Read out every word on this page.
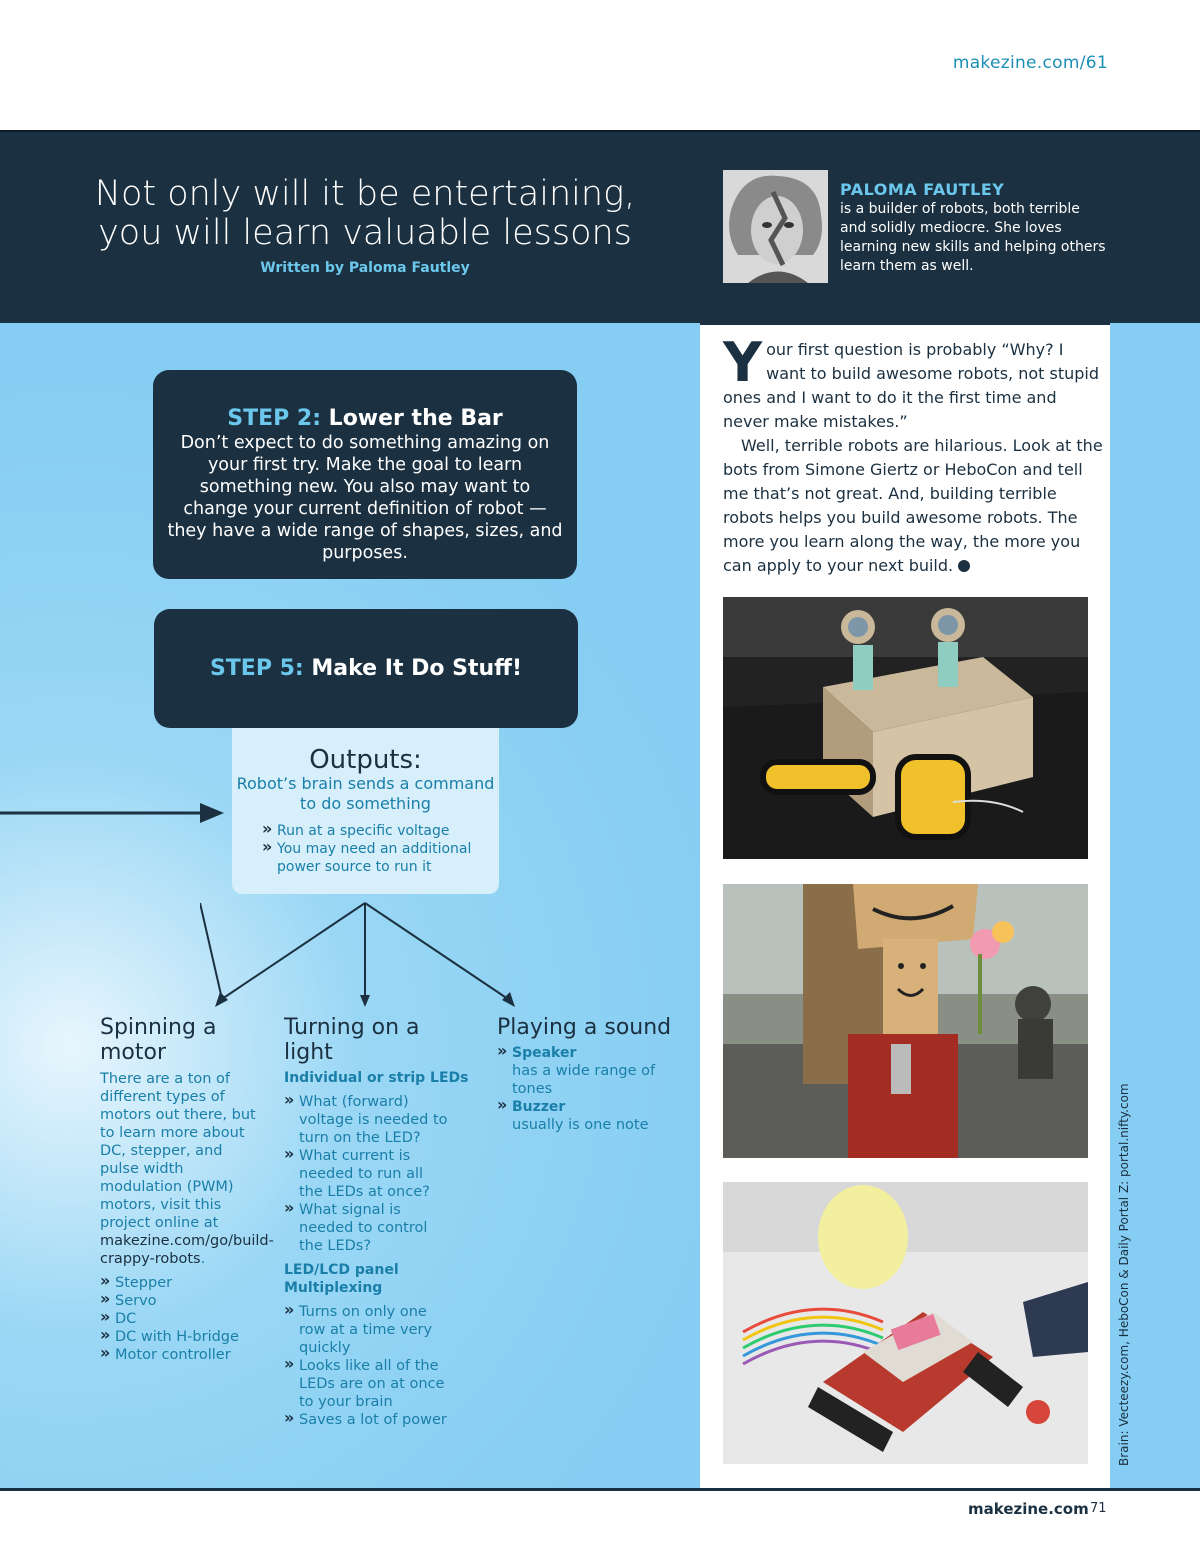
makezine.com/61
Not only will it be entertaining,
you will learn valuable lessons
Written by Paloma Fautley
PALOMA FAUTLEY
is a builder of robots, both terrible and solidly mediocre. She loves learning new skills and helping others learn them as well.
STEP 2: Lower the Bar
Don’t expect to do something amazing on your first try. Make the goal to learn something new. You also may want to change your current definition of robot — they have a wide range of shapes, sizes, and purposes.
STEP 5: Make It Do Stuff!
Outputs:
Robot’s brain sends a command to do something
» Run at a specific voltage
» You may need an additional power source to run it
Spinning a motor
There are a ton of different types of motors out there, but to learn more about DC, stepper, and pulse width modulation (PWM) motors, visit this project online at makezine.com/go/build-crappy-robots.
» Stepper
» Servo
» DC
» DC with H-bridge
» Motor controller
Turning on a light
Individual or strip LEDs
» What (forward) voltage is needed to turn on the LED?
» What current is needed to run all the LEDs at once?
» What signal is needed to control the LEDs?
LED/LCD panel Multiplexing
» Turns on only one row at a time very quickly
» Looks like all of the LEDs are on at once to your brain
» Saves a lot of power
Playing a sound
» Speaker
has a wide range of tones
» Buzzer
usually is one note

Your first question is probably “Why? I want to build awesome robots, not stupid ones and I want to do it the first time and never make mistakes.”

Well, terrible robots are hilarious. Look at the bots from Simone Giertz or HeboCon and tell me that’s not great. And, building terrible robots helps you build awesome robots. The more you learn along the way, the more you can apply to your next build.

Brain: Vecteezy.com, HeboCon & Daily Portal Z: portal.nifty.com
makezine.com 71
